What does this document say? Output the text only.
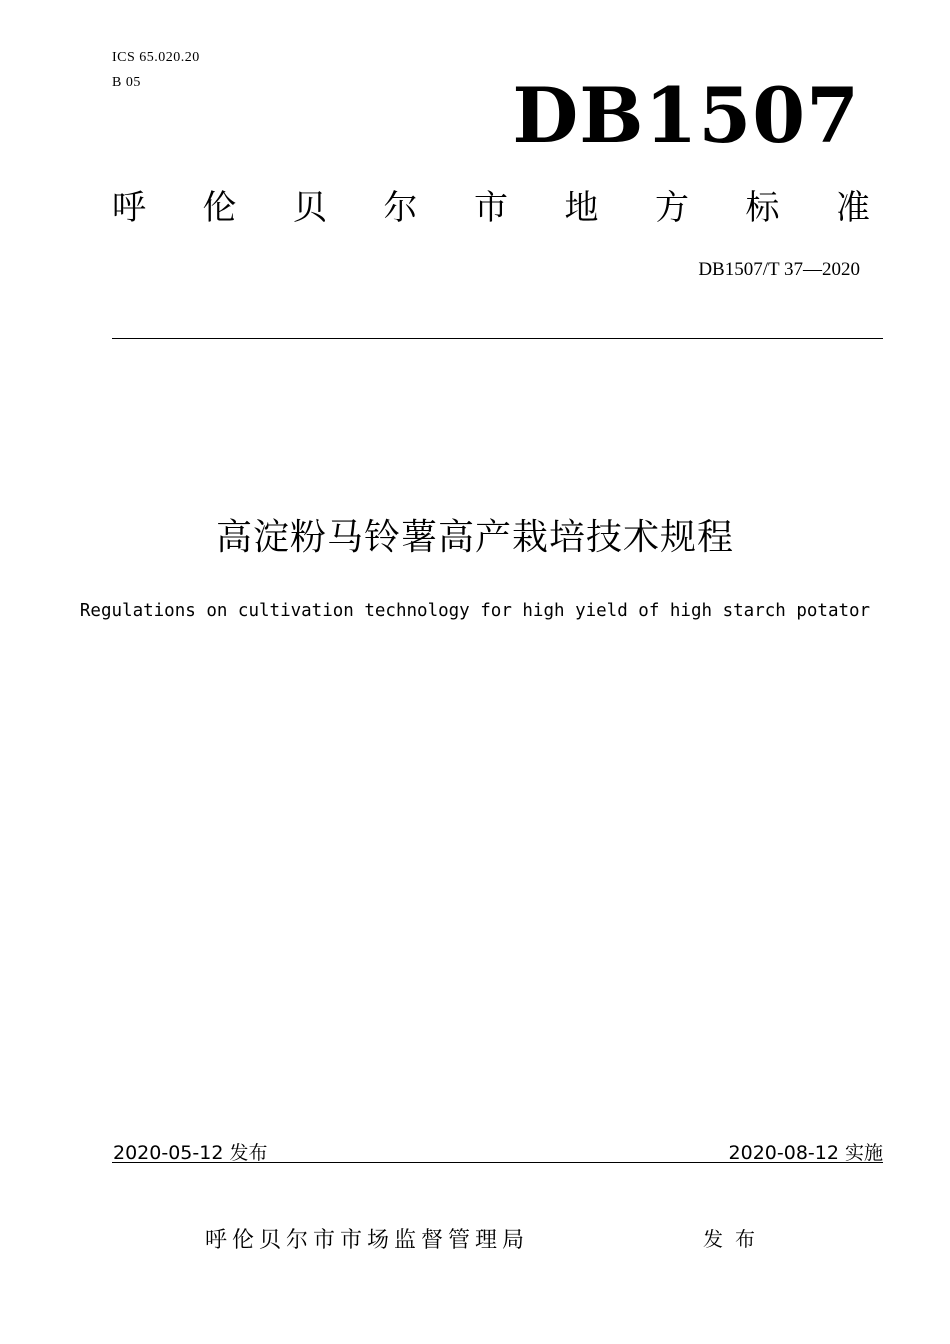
ICS 65.020.20
B 05	DB1507
呼 伦 贝 尔 市 地 方 标 准
DB1507/T 37—2020
高淀粉马铃薯高产栽培技术规程
Regulations on cultivation technology for high yield of high starch potator
2020-05-12 发布	2020-08-12 实施
呼伦贝尔市市场监督管理局	发布
